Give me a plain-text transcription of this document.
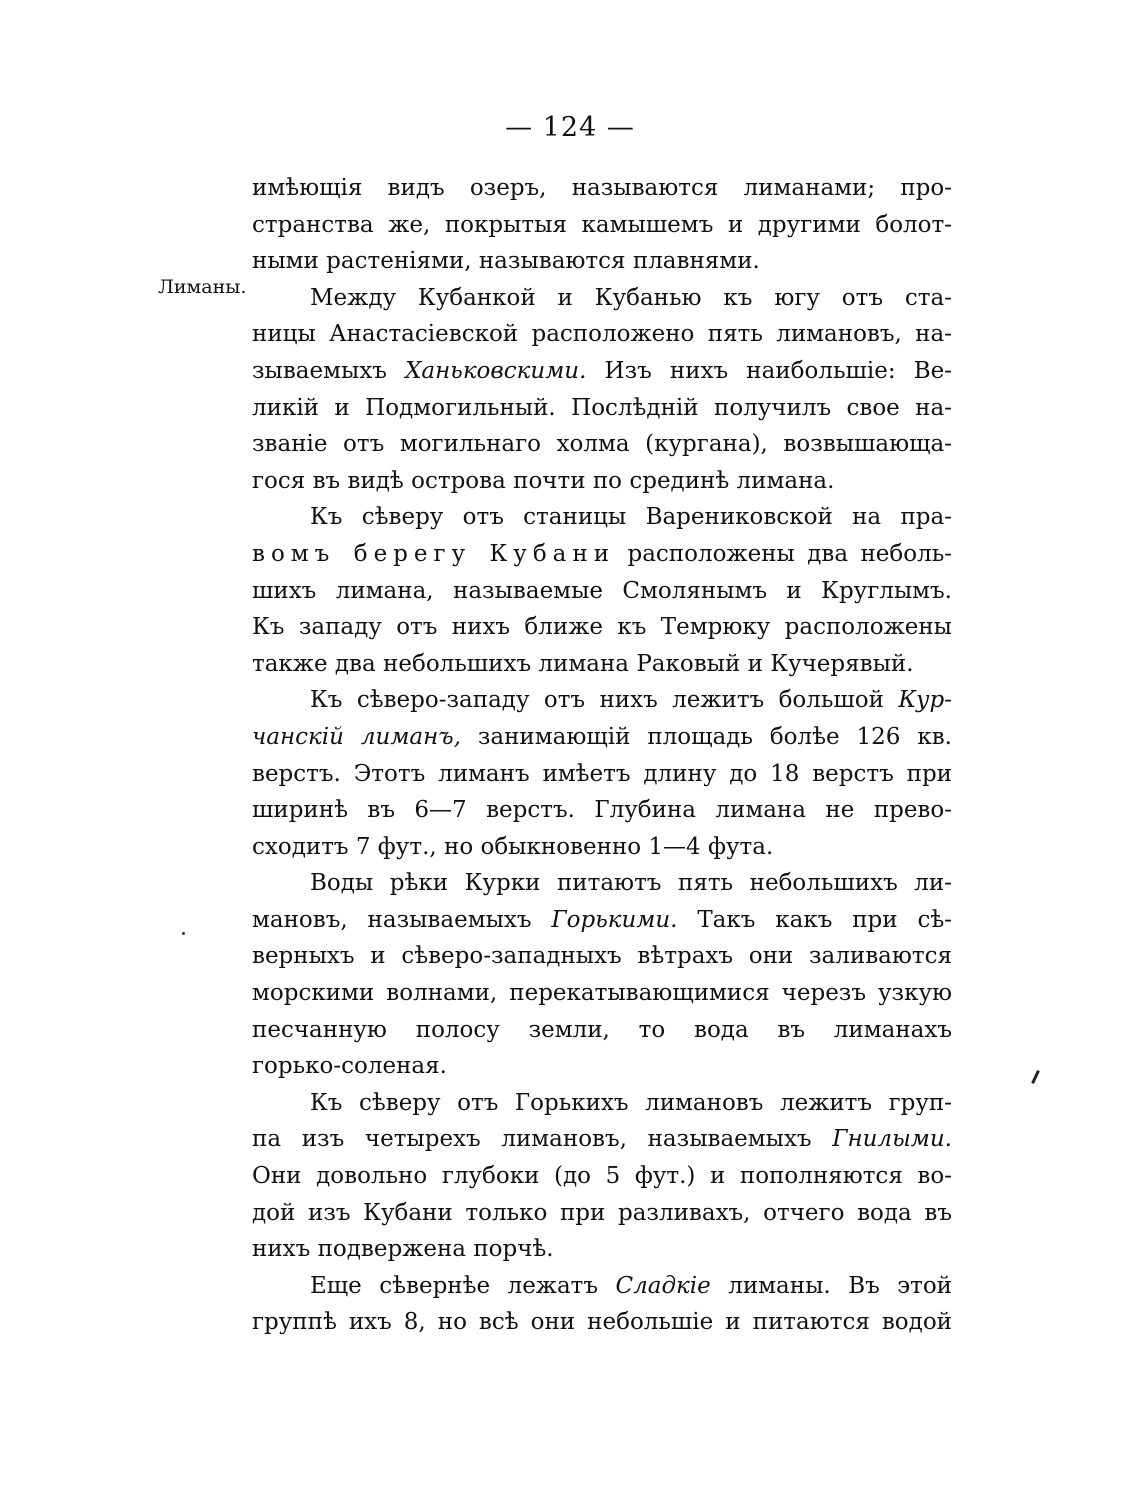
— 124 —
Лиманы.
имѣющія видъ озеръ, называются лиманами; про-
странства же, покрытыя камышемъ и другими болот-
ными растеніями, называются плавнями.
Между Кубанкой и Кубанью къ югу отъ ста-
ницы Анастасіевской расположено пять лимановъ, на-
зываемыхъ Ханьковскими. Изъ нихъ наибольшіе: Ве-
ликій и Подмогильный. Послѣдній получилъ свое на-
званіе отъ могильнаго холма (кургана), возвышающа-
гося въ видѣ острова почти по срединѣ лимана.
Къ сѣверу отъ станицы Варениковской на пра-
вомъ берегу Кубани расположены два неболь-
шихъ лимана, называемые Смолянымъ и Круглымъ.
Къ западу отъ нихъ ближе къ Темрюку расположены
также два небольшихъ лимана Раковый и Кучерявый.
Къ сѣверо-западу отъ нихъ лежитъ большой Кур-
чанскій лиманъ, занимающій площадь болѣе 126 кв.
верстъ. Этотъ лиманъ имѣетъ длину до 18 верстъ при
ширинѣ въ 6—7 верстъ. Глубина лимана не прево-
сходитъ 7 фут., но обыкновенно 1—4 фута.
Воды рѣки Курки питаютъ пять небольшихъ ли-
мановъ, называемыхъ Горькими. Такъ какъ при сѣ-
верныхъ и сѣверо-западныхъ вѣтрахъ они заливаются
морскими волнами, перекатывающимися черезъ узкую
песчанную полосу земли, то вода въ лиманахъ
горько-соленая.
Къ сѣверу отъ Горькихъ лимановъ лежитъ груп-
па изъ четырехъ лимановъ, называемыхъ Гнилыми.
Они довольно глубоки (до 5 фут.) и пополняются во-
дой изъ Кубани только при разливахъ, отчего вода въ
нихъ подвержена порчѣ.
Еще сѣвернѣе лежатъ Сладкіе лиманы. Въ этой
группѣ ихъ 8, но всѣ они небольшіе и питаются водой
